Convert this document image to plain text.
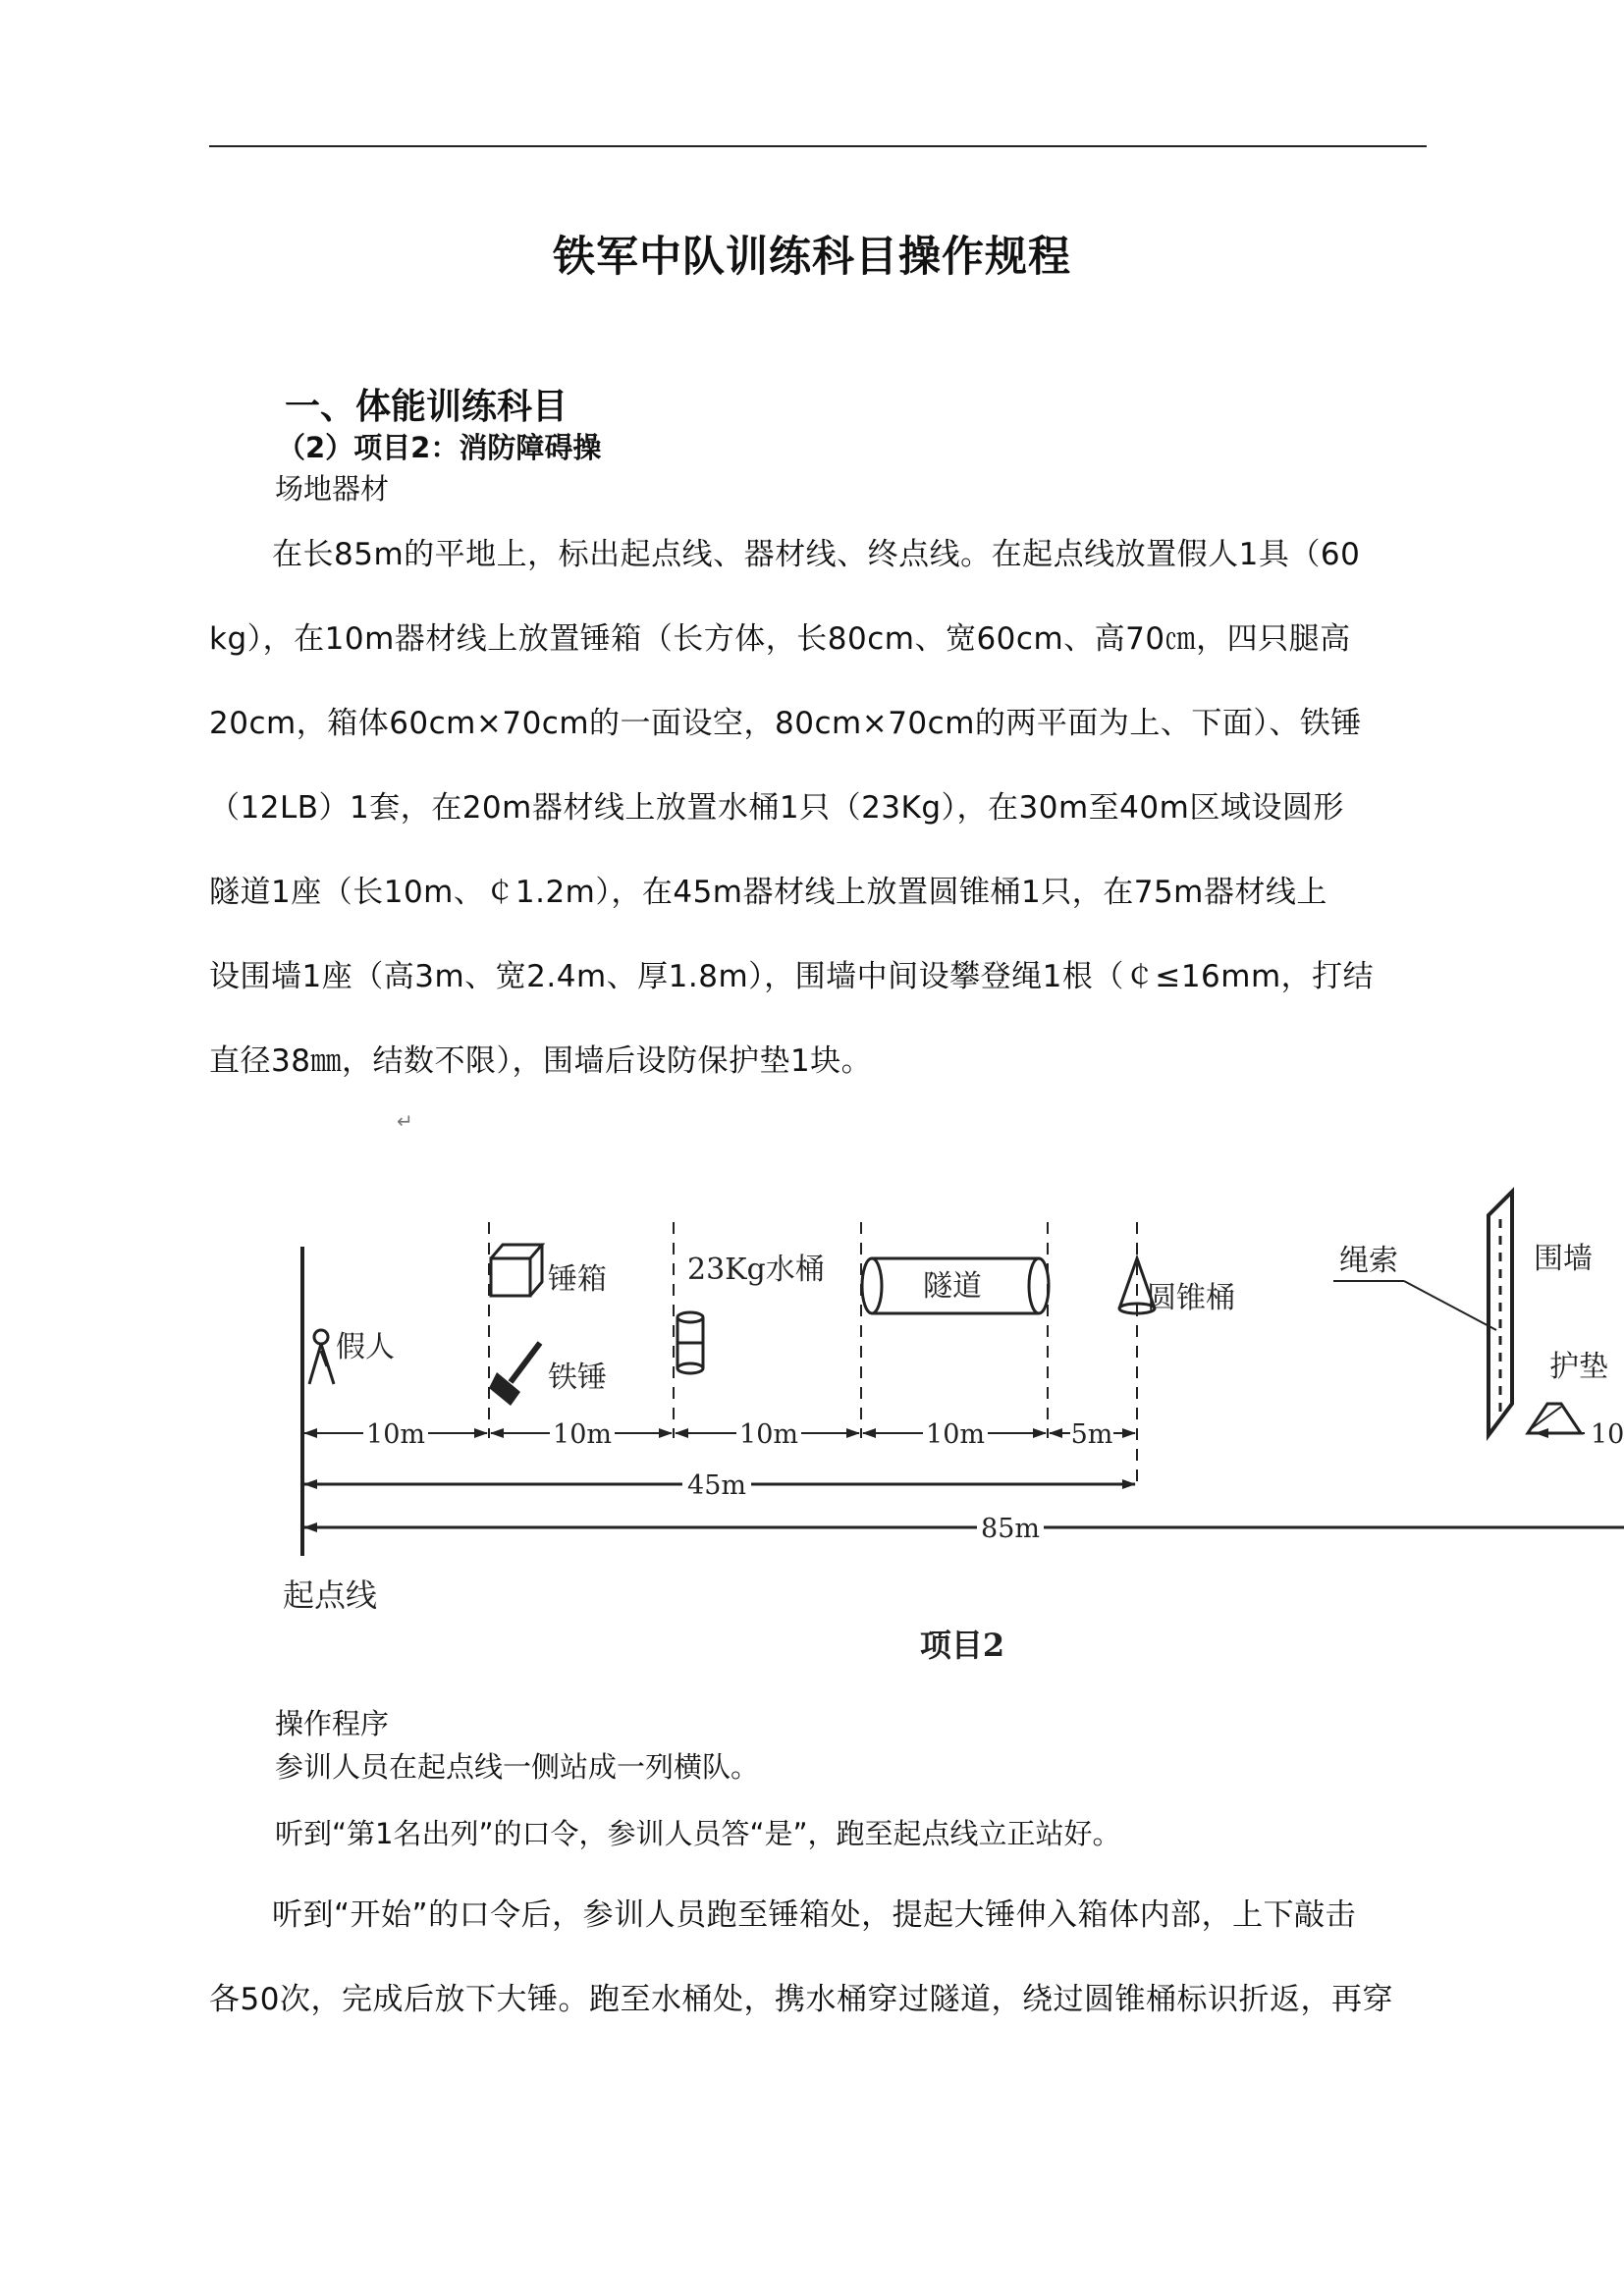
铁军中队训练科目操作规程
一、体能训练科目
（2）项目2：消防障碍操
场地器材

在长85m的平地上，标出起点线、器材线、终点线。在起点线放置假人1具（60

kg），在10m器材线上放置锤箱（长方体，长80cm、宽60cm、高70㎝，四只腿高

20cm，箱体60cm×70cm的一面设空，80cm×70cm的两平面为上、下面）、铁锤

（12LB）1套，在20m器材线上放置水桶1只（23Kg），在30m至40m区域设圆形

隧道1座（长10m、￠1.2m），在45m器材线上放置圆锥桶1只，在75m器材线上

设围墙1座（高3m、宽2.4m、厚1.8m），围墙中间设攀登绳1根（￠≤16mm，打结

直径38㎜，结数不限），围墙后设防保护垫1块。

↵
假人
锤箱
铁锤
23Kg水桶	隧道	圆锥桶
围墙
绳索
护垫
10m	10m	10m	10m	5m	10
45m
85m
起点线
项目2
操作程序
参训人员在起点线一侧站成一列横队。
听到“第1名出列”的口令，参训人员答“是”，跑至起点线立正站好。

听到“开始”的口令后，参训人员跑至锤箱处，提起大锤伸入箱体内部，上下敲击

各50次，完成后放下大锤。跑至水桶处，携水桶穿过隧道，绕过圆锥桶标识折返，再穿
